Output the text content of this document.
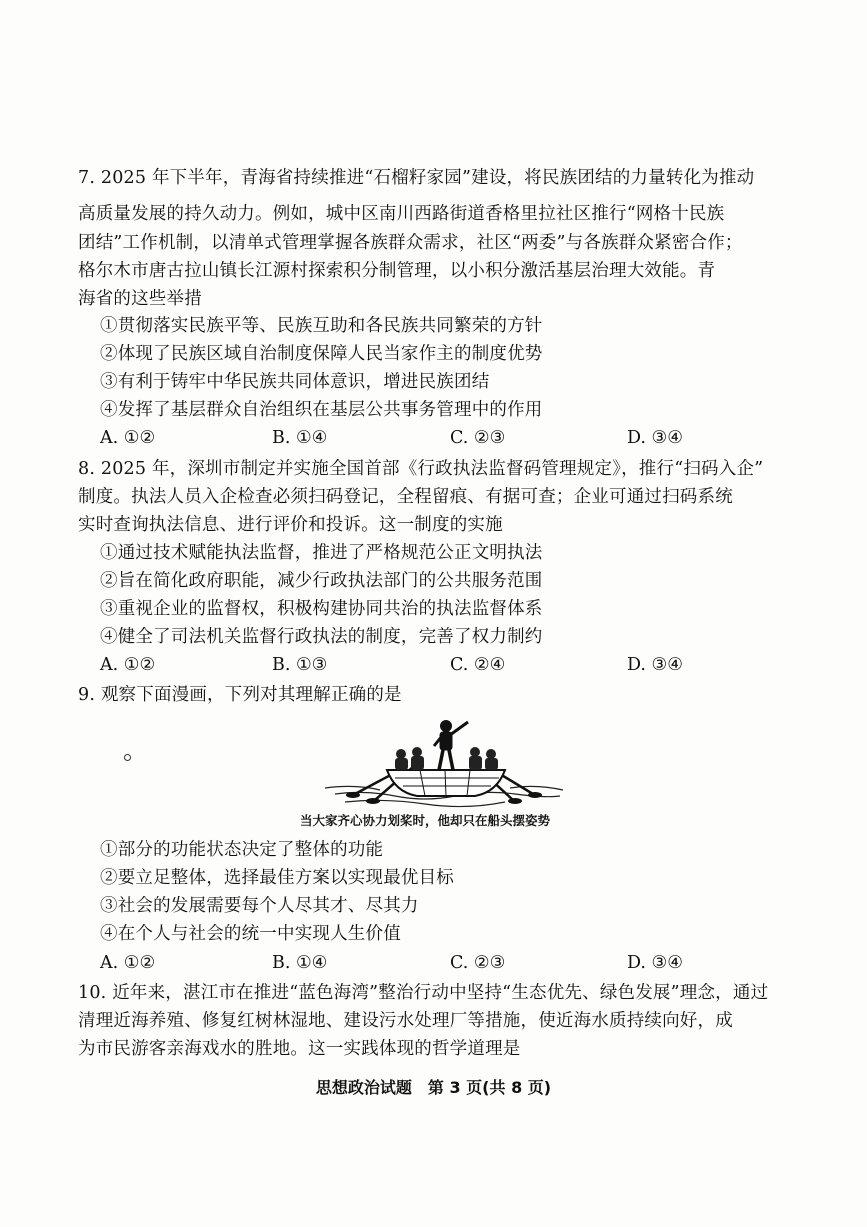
7. 2025 年下半年，青海省持续推进“石榴籽家园”建设，将民族团结的力量转化为推动
高质量发展的持久动力。例如，城中区南川西路街道香格里拉社区推行“网格十民族
团结”工作机制，以清单式管理掌握各族群众需求，社区“两委”与各族群众紧密合作；
格尔木市唐古拉山镇长江源村探索积分制管理，以小积分激活基层治理大效能。青
海省的这些举措
①贯彻落实民族平等、民族互助和各民族共同繁荣的方针
②体现了民族区域自治制度保障人民当家作主的制度优势
③有利于铸牢中华民族共同体意识，增进民族团结
④发挥了基层群众自治组织在基层公共事务管理中的作用
A. ①②	B. ①④	C. ②③	D. ③④
8. 2025 年，深圳市制定并实施全国首部《行政执法监督码管理规定》，推行“扫码入企”
制度。执法人员入企检查必须扫码登记，全程留痕、有据可查；企业可通过扫码系统
实时查询执法信息、进行评价和投诉。这一制度的实施
①通过技术赋能执法监督，推进了严格规范公正文明执法
②旨在简化政府职能，减少行政执法部门的公共服务范围
③重视企业的监督权，积极构建协同共治的执法监督体系
④健全了司法机关监督行政执法的制度，完善了权力制约
A. ①②	B. ①③	C. ②④	D. ③④
9. 观察下面漫画，下列对其理解正确的是
当大家齐心协力划桨时，他却只在船头摆姿势
①部分的功能状态决定了整体的功能
②要立足整体，选择最佳方案以实现最优目标
③社会的发展需要每个人尽其才、尽其力
④在个人与社会的统一中实现人生价值
A. ①②	B. ①④	C. ②③	D. ③④
10. 近年来，湛江市在推进“蓝色海湾”整治行动中坚持“生态优先、绿色发展”理念，通过
清理近海养殖、修复红树林湿地、建设污水处理厂等措施，使近海水质持续向好，成
为市民游客亲海戏水的胜地。这一实践体现的哲学道理是
思想政治试题　第 3 页(共 8 页)
